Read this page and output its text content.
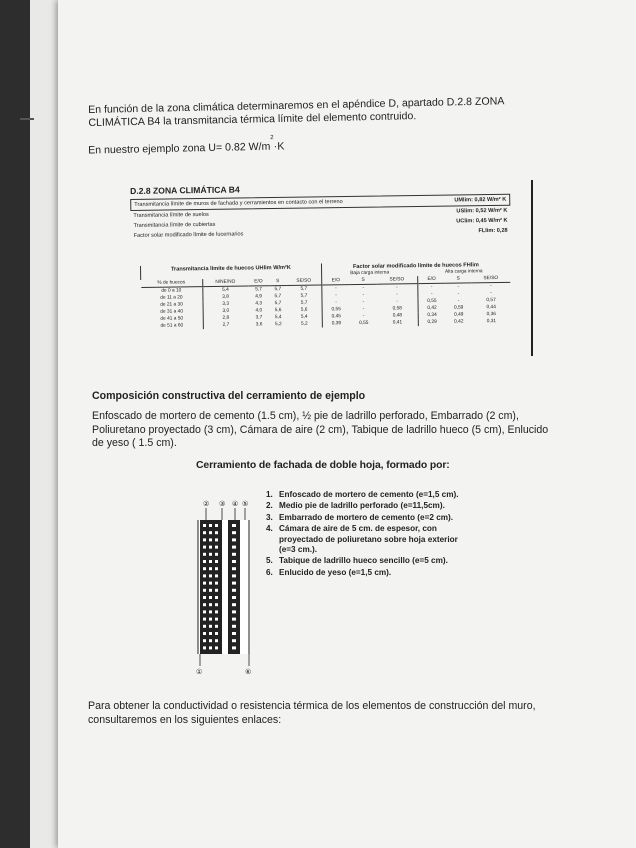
En función de la zona climática determinaremos en el apéndice D, apartado D.2.8 ZONA CLIMÁTICA B4 la transmitancia térmica límite del elemento contruido.
En nuestro ejemplo zona U= 0.82 $W/m^2\cdot K$
D.2.8 ZONA CLIMÁTICA B4
Transmitancia límite de muros de fachada y cerramientos en contacto con el terreno	UMlim: 0,82 W/m² K
Transmitancia límite de suelos
USlim: 0,52 W/m² K
Transmitancia límite de cubiertas
UClim: 0,45 W/m² K
Factor solar modificado límite de lucernarios
FLlim: 0,28
Transmitancia límite de huecos UHlim W/m²K					Factor solar modificado límite de huecos FHlim					
					Baja carga interna			Alta carga interna		
% de huecos	N/NE/NO	E/O	S	SE/SO	E/O	S	SE/SO	E/O	S	SE/SO
de 0 a 10	5,4	5,7	5,7	5,7	-	-	-	-	-	-
de 11 a 20	3,8	4,9	5,7	5,7	-	-	-	-	-	-
de 21 a 30	3,3	4,3	5,7	5,7	-	-	-	0,55	-	0,57
de 31 a 40	3,0	4,0	5,6	5,6	0,55	-	0,58	0,42	0,59	0,44
de 41 a 50	2,8	3,7	5,4	5,4	0,45	-	0,48	0,34	0,49	0,36
de 51 a 60	2,7	3,6	5,2	5,2	0,39	0,55	0,41	0,29	0,42	0,31
Composición constructiva del cerramiento de ejemplo
Enfoscado de mortero de cemento (1.5 cm), ½ pie de ladrillo perforado, Embarrado (2 cm), Poliuretano proyectado (3 cm), Cámara de aire (2 cm), Tabique de ladrillo hueco (5 cm), Enlucido de yeso ( 1.5 cm).
Cerramiento de fachada de doble hoja, formado por:
② ③ ④ ⑤
①	⑥
1. Enfoscado de mortero de cemento (e=1,5 cm).
2. Medio pie de ladrillo perforado (e=11,5cm).
3. Embarrado de mortero de cemento (e=2 cm).
4. Cámara de aire de 5 cm. de espesor, con proyectado de poliuretano sobre hoja exterior (e=3 cm.).
5. Tabique de ladrillo hueco sencillo (e=5 cm).
6. Enlucido de yeso (e=1,5 cm).
Para obtener la conductividad o resistencia térmica de los elementos de construcción del muro, consultaremos en los siguientes enlaces:
